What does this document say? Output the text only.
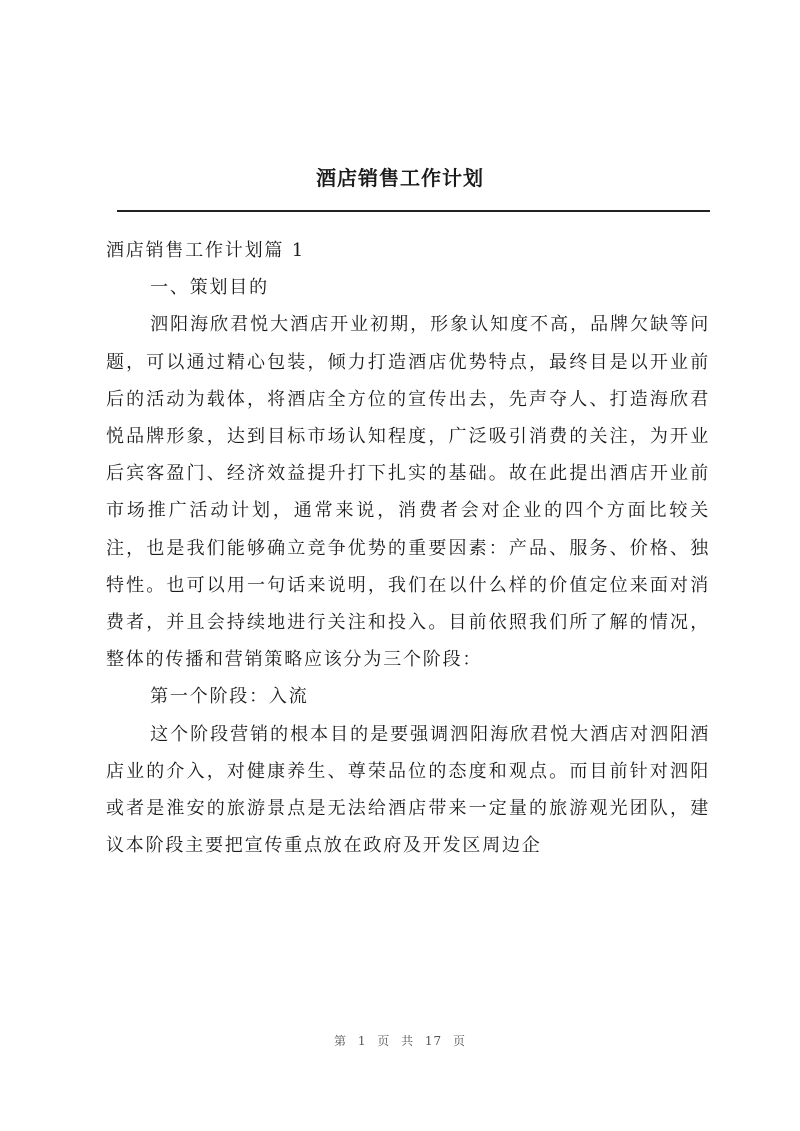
酒店销售工作计划

酒店销售工作计划篇 1

一、策划目的

泗阳海欣君悦大酒店开业初期，形象认知度不高，品牌欠缺等问题，可以通过精心包装，倾力打造酒店优势特点，最终目是以开业前后的活动为载体，将酒店全方位的宣传出去，先声夺人、打造海欣君悦品牌形象，达到目标市场认知程度，广泛吸引消费的关注，为开业后宾客盈门、经济效益提升打下扎实的基础。故在此提出酒店开业前市场推广活动计划，通常来说，消费者会对企业的四个方面比较关注，也是我们能够确立竞争优势的重要因素：产品、服务、价格、独特性。也可以用一句话来说明，我们在以什么样的价值定位来面对消费者，并且会持续地进行关注和投入。目前依照我们所了解的情况，整体的传播和营销策略应该分为三个阶段：

第一个阶段：入流

这个阶段营销的根本目的是要强调泗阳海欣君悦大酒店对泗阳酒店业的介入，对健康养生、尊荣品位的态度和观点。而目前针对泗阳或者是淮安的旅游景点是无法给酒店带来一定量的旅游观光团队，建议本阶段主要把宣传重点放在政府及开发区周边企

第 1 页 共 17 页
